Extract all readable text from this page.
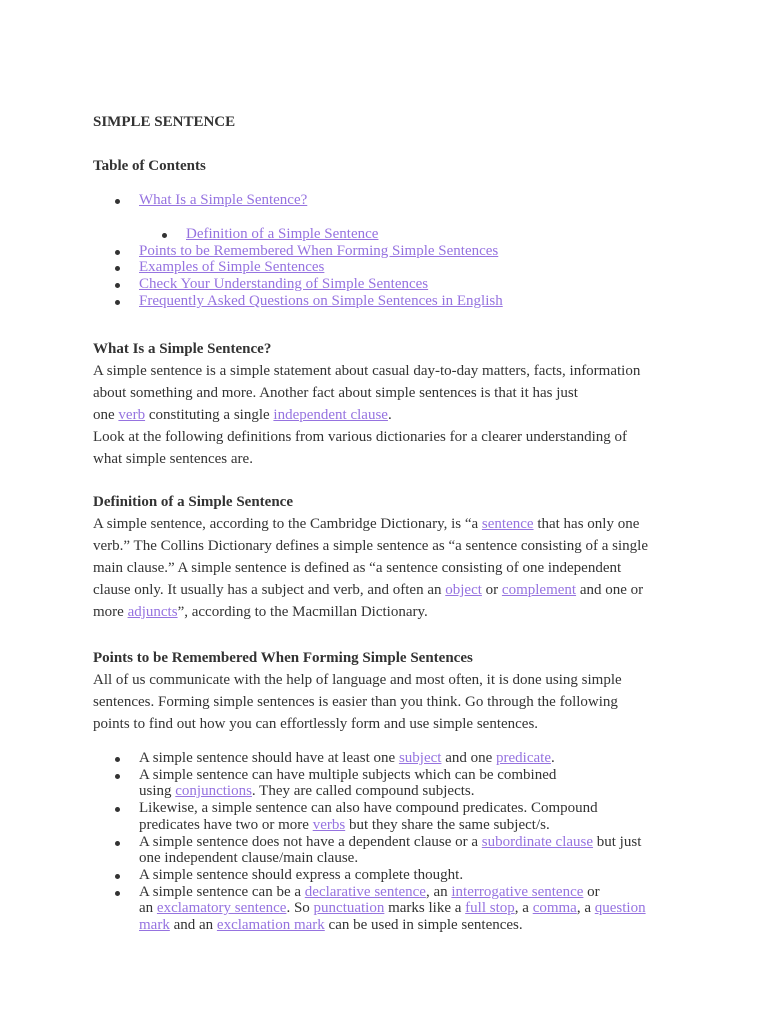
SIMPLE SENTENCE
Table of Contents
What Is a Simple Sentence?
Definition of a Simple Sentence
Points to be Remembered When Forming Simple Sentences
Examples of Simple Sentences
Check Your Understanding of Simple Sentences
Frequently Asked Questions on Simple Sentences in English
What Is a Simple Sentence?

A simple sentence is a simple statement about casual day-to-day matters, facts, information
about something and more. Another fact about simple sentences is that it has just
one verb constituting a single independent clause.

Look at the following definitions from various dictionaries for a clearer understanding of
what simple sentences are.

Definition of a Simple Sentence

A simple sentence, according to the Cambridge Dictionary, is “a sentence that has only one
verb.” The Collins Dictionary defines a simple sentence as “a sentence consisting of a single
main clause.” A simple sentence is defined as “a sentence consisting of one independent
clause only. It usually has a subject and verb, and often an object or complement and one or
more adjuncts”, according to the Macmillan Dictionary.

Points to be Remembered When Forming Simple Sentences

All of us communicate with the help of language and most often, it is done using simple
sentences. Forming simple sentences is easier than you think. Go through the following
points to find out how you can effortlessly form and use simple sentences.

A simple sentence should have at least one subject and one predicate.
A simple sentence can have multiple subjects which can be combined
using conjunctions. They are called compound subjects.
Likewise, a simple sentence can also have compound predicates. Compound
predicates have two or more verbs but they share the same subject/s.
A simple sentence does not have a dependent clause or a subordinate clause but just
one independent clause/main clause.
A simple sentence should express a complete thought.
A simple sentence can be a declarative sentence, an interrogative sentence or
an exclamatory sentence. So punctuation marks like a full stop, a comma, a question
mark and an exclamation mark can be used in simple sentences.
